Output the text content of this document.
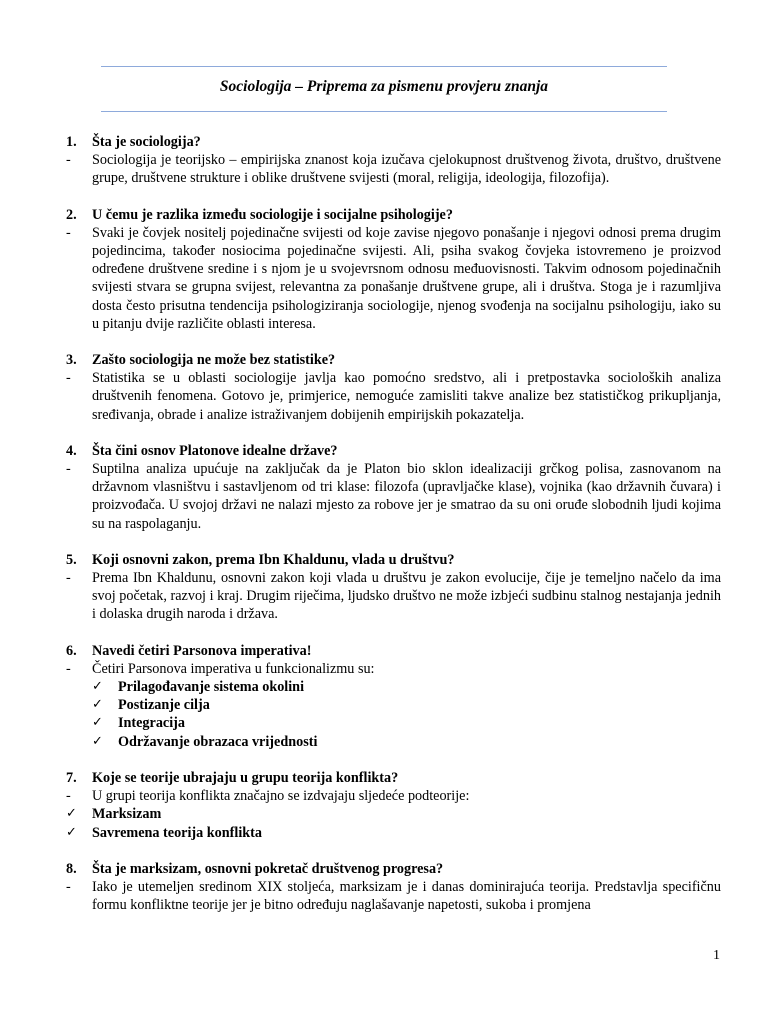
Sociologija – Priprema za pismenu provjeru znanja
1.	Šta je sociologija?
-	Sociologija je teorijsko – empirijska znanost koja izučava cjelokupnost društvenog života, društvo, društvene grupe, društvene strukture i oblike društvene svijesti (moral, religija, ideologija, filozofija).
2.	U čemu je razlika između sociologije i socijalne psihologije?
-	Svaki je čovjek nositelj pojedinačne svijesti od koje zavise njegovo ponašanje i njegovi odnosi prema drugim pojedincima, također nosiocima pojedinačne svijesti. Ali, psiha svakog čovjeka istovremeno je proizvod određene društvene sredine i s njom je u svojevrsnom odnosu međuovisnosti. Takvim odnosom pojedinačnih svijesti stvara se grupna svijest, relevantna za ponašanje društvene grupe, ali i društva. Stoga je i razumljiva dosta često prisutna tendencija psihologiziranja sociologije, njenog svođenja na socijalnu psihologiju, iako su u pitanju dvije različite oblasti interesa.
3.	Zašto sociologija ne može bez statistike?
-	Statistika se u oblasti sociologije javlja kao pomoćno sredstvo, ali i pretpostavka socioloških analiza društvenih fenomena. Gotovo je, primjerice, nemoguće zamisliti takve analize bez statističkog prikupljanja, sređivanja, obrade i analize istraživanjem dobijenih empirijskih pokazatelja.
4.	Šta čini osnov Platonove idealne države?
-	Suptilna analiza upućuje na zaključak da je Platon bio sklon idealizaciji grčkog polisa, zasnovanom na državnom vlasništvu i sastavljenom od tri klase: filozofa (upravljačke klase), vojnika (kao državnih čuvara) i proizvođača. U svojoj državi ne nalazi mjesto za robove jer je smatrao da su oni oruđe slobodnih ljudi kojima su na raspolaganju.
5.	Koji osnovni zakon, prema Ibn Khaldunu, vlada u društvu?
-	Prema Ibn Khaldunu, osnovni zakon koji vlada u društvu je zakon evolucije, čije je temeljno načelo da ima svoj početak, razvoj i kraj. Drugim riječima, ljudsko društvo ne može izbjeći sudbinu stalnog nestajanja jednih i dolaska drugih naroda i država.
6.	Navedi četiri Parsonova imperativa!
-	Četiri Parsonova imperativa u funkcionalizmu su:
✓	Prilagođavanje sistema okolini
✓	Postizanje cilja
✓	Integracija
✓	Održavanje obrazaca vrijednosti
7.	Koje se teorije ubrajaju u grupu teorija konflikta?
-	U grupi teorija konflikta značajno se izdvajaju sljedeće podteorije:
✓	Marksizam
✓	Savremena teorija konflikta
8.	Šta je marksizam, osnovni pokretač društvenog progresa?
-	Iako je utemeljen sredinom XIX stoljeća, marksizam je i danas dominirajuća teorija. Predstavlja specifičnu formu konfliktne teorije jer je bitno određuju naglašavanje napetosti, sukoba i promjena
1
